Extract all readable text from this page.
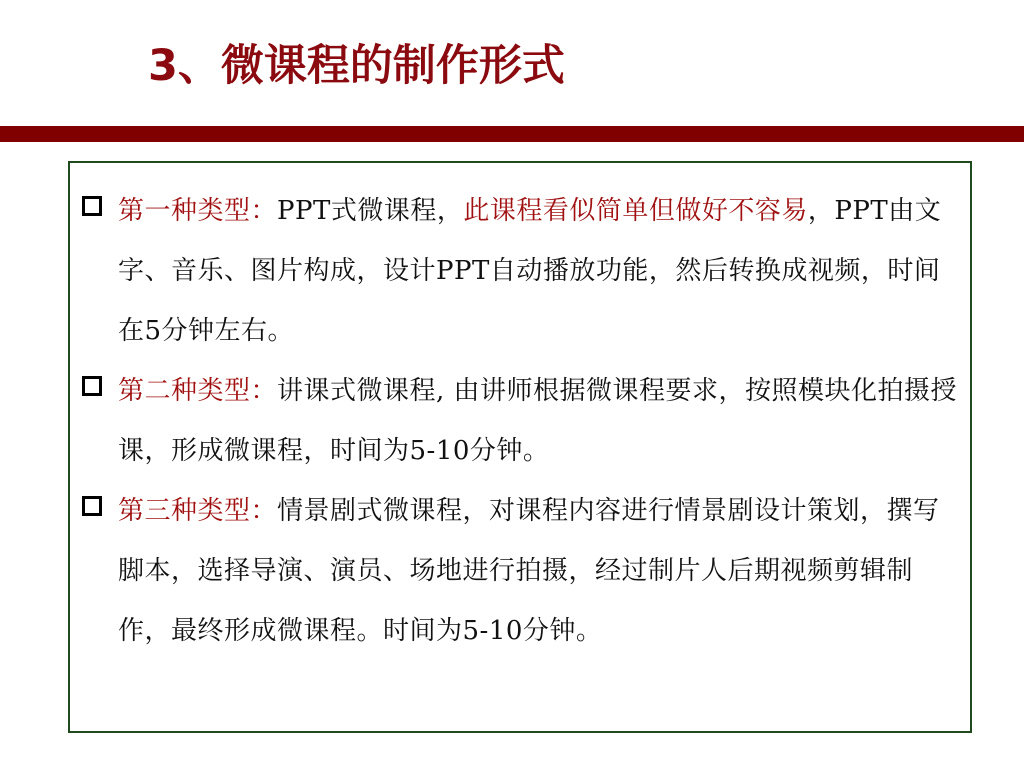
3、微课程的制作形式

第一种类型：PPT式微课程，此课程看似简单但做好不容易，PPT由文字、音乐、图片构成，设计PPT自动播放功能，然后转换成视频，时间在5分钟左右。

第二种类型：讲课式微课程, 由讲师根据微课程要求，按照模块化拍摄授课，形成微课程，时间为5-10分钟。

第三种类型：情景剧式微课程，对课程内容进行情景剧设计策划，撰写脚本，选择导演、演员、场地进行拍摄，经过制片人后期视频剪辑制作，最终形成微课程。时间为5-10分钟。
